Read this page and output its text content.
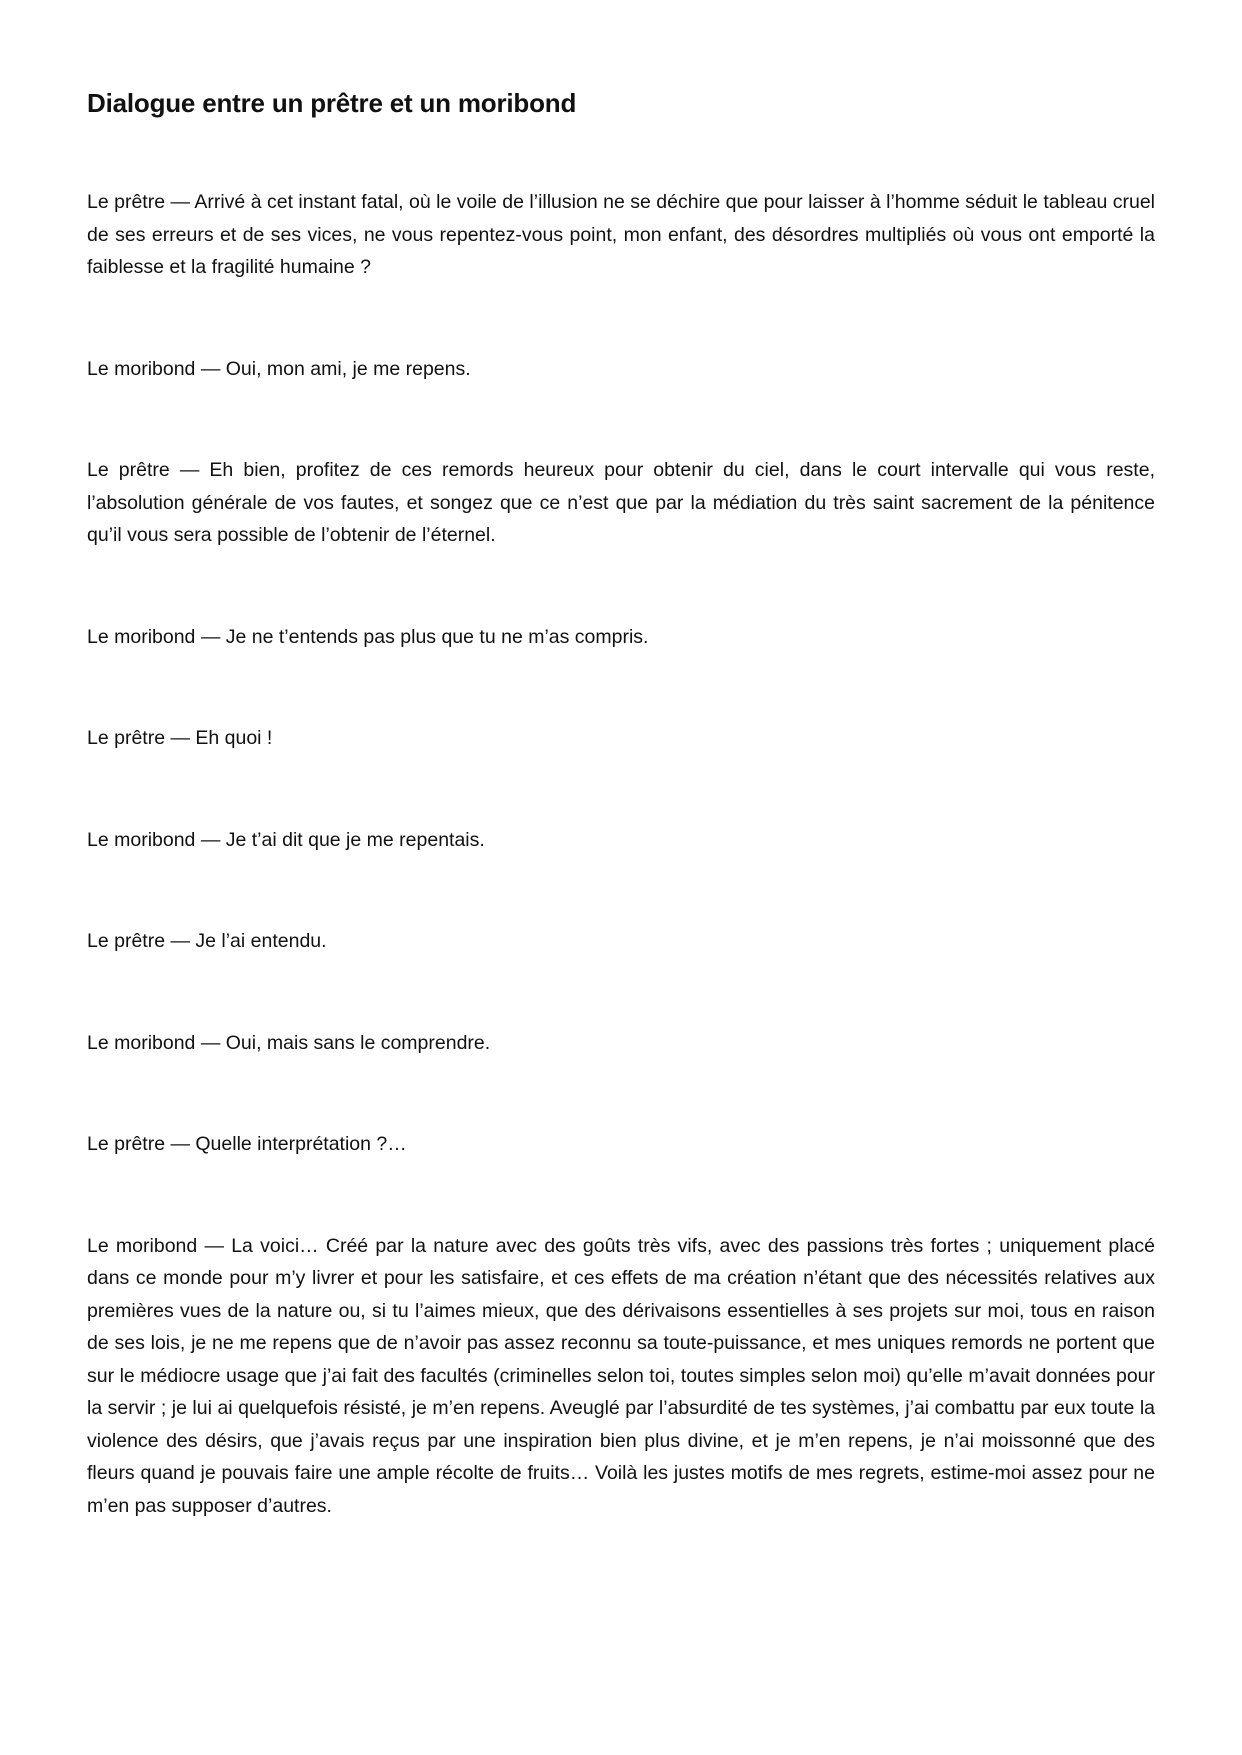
Dialogue entre un prêtre et un moribond

Le prêtre — Arrivé à cet instant fatal, où le voile de l’illusion ne se déchire que pour laisser à l’homme séduit le tableau cruel de ses erreurs et de ses vices, ne vous repentez-vous point, mon enfant, des désordres multipliés où vous ont emporté la faiblesse et la fragilité humaine ?

Le moribond — Oui, mon ami, je me repens.

Le prêtre — Eh bien, profitez de ces remords heureux pour obtenir du ciel, dans le court intervalle qui vous reste, l’absolution générale de vos fautes, et songez que ce n’est que par la médiation du très saint sacrement de la pénitence qu’il vous sera possible de l’obtenir de l’éternel.

Le moribond — Je ne t’entends pas plus que tu ne m’as compris.

Le prêtre — Eh quoi !

Le moribond — Je t’ai dit que je me repentais.

Le prêtre — Je l’ai entendu.

Le moribond — Oui, mais sans le comprendre.

Le prêtre — Quelle interprétation ?…

Le moribond — La voici… Créé par la nature avec des goûts très vifs, avec des passions très fortes ; uniquement placé dans ce monde pour m’y livrer et pour les satisfaire, et ces effets de ma création n’étant que des nécessités relatives aux premières vues de la nature ou, si tu l’aimes mieux, que des dérivaisons essentielles à ses projets sur moi, tous en raison de ses lois, je ne me repens que de n’avoir pas assez reconnu sa toute-puissance, et mes uniques remords ne portent que sur le médiocre usage que j’ai fait des facultés (criminelles selon toi, toutes simples selon moi) qu’elle m’avait données pour la servir ; je lui ai quelquefois résisté, je m’en repens. Aveuglé par l’absurdité de tes systèmes, j’ai combattu par eux toute la violence des désirs, que j’avais reçus par une inspiration bien plus divine, et je m’en repens, je n’ai moissonné que des fleurs quand je pouvais faire une ample récolte de fruits… Voilà les justes motifs de mes regrets, estime-moi assez pour ne m’en pas supposer d’autres.
